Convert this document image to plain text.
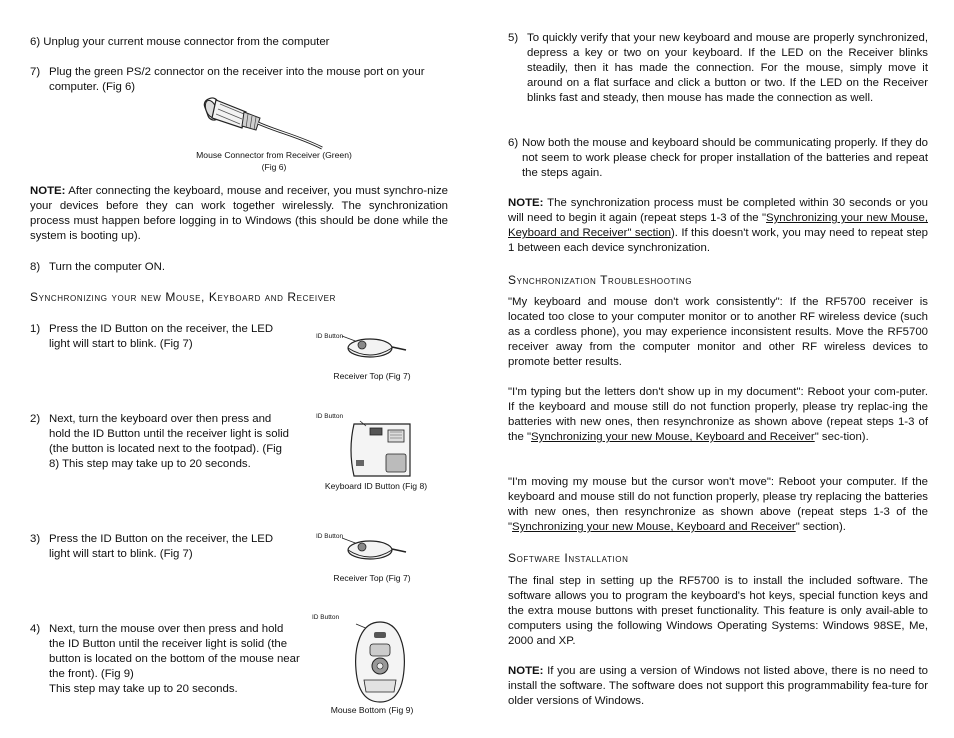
6) Unplug your current mouse connector from the computer

7) Plug the green PS/2 connector on the receiver into the mouse port on your computer. (Fig 6)

Mouse Connector from Receiver (Green)
(Fig 6)

NOTE: After connecting the keyboard, mouse and receiver, you must synchro-nize your devices before they can work together wirelessly. The synchronization process must happen before logging in to Windows (this should be done while the system is booting up).

8) Turn the computer ON.

Synchronizing your new Mouse, Keyboard and Receiver
1) Press the ID Button on the receiver, the LED light will start to blink. (Fig 7)

ID Button
Receiver Top (Fig 7)
2) Next, turn the keyboard over then press and hold the ID Button until the receiver light is solid (the button is located next to the footpad). (Fig 8) This step may take up to 20 seconds.

ID Button
Keyboard ID Button (Fig 8)
3) Press the ID Button on the receiver, the LED light will start to blink. (Fig 7)

ID Button
Receiver Top (Fig 7)
4) Next, turn the mouse over then press and hold the ID Button until the receiver light is solid (the button is located on the bottom of the mouse near the front). (Fig 9)

This step may take up to 20 seconds.

ID Button
Mouse Bottom (Fig 9)
5) To quickly verify that your new keyboard and mouse are properly synchronized, depress a key or two on your keyboard. If the LED on the Receiver blinks steadily, then it has made the connection. For the mouse, simply move it around on a flat surface and click a button or two. If the LED on the Receiver blinks fast and steady, then mouse has made the connection as well.

6) Now both the mouse and keyboard should be communicating properly. If they do not seem to work please check for proper installation of the batteries and repeat the steps again.

NOTE: The synchronization process must be completed within 30 seconds or you will need to begin it again (repeat steps 1-3 of the "Synchronizing your new Mouse, Keyboard and Receiver" section). If this doesn't work, you may need to repeat step 1 between each device synchronization.

Synchronization Troubleshooting

"My keyboard and mouse don't work consistently": If the RF5700 receiver is located too close to your computer monitor or to another RF wireless device (such as a cordless phone), you may experience inconsistent results. Move the RF5700 receiver away from the computer monitor and other RF wireless devices to promote better results.

"I'm typing but the letters don't show up in my document": Reboot your com-puter. If the keyboard and mouse still do not function properly, please try replac-ing the batteries with new ones, then resynchronize as shown above (repeat steps 1-3 of the "Synchronizing your new Mouse, Keyboard and Receiver" sec-tion).

"I'm moving my mouse but the cursor won't move": Reboot your computer. If the keyboard and mouse still do not function properly, please try replacing the batteries with new ones, then resynchronize as shown above (repeat steps 1-3 of the "Synchronizing your new Mouse, Keyboard and Receiver" section).

Software Installation

The final step in setting up the RF5700 is to install the included software. The software allows you to program the keyboard's hot keys, special function keys and the extra mouse buttons with preset functionality. This feature is only avail-able to computers using the following Windows Operating Systems: Windows 98SE, Me, 2000 and XP.

NOTE: If you are using a version of Windows not listed above, there is no need to install the software. The software does not support this programmability fea-ture for older versions of Windows.
